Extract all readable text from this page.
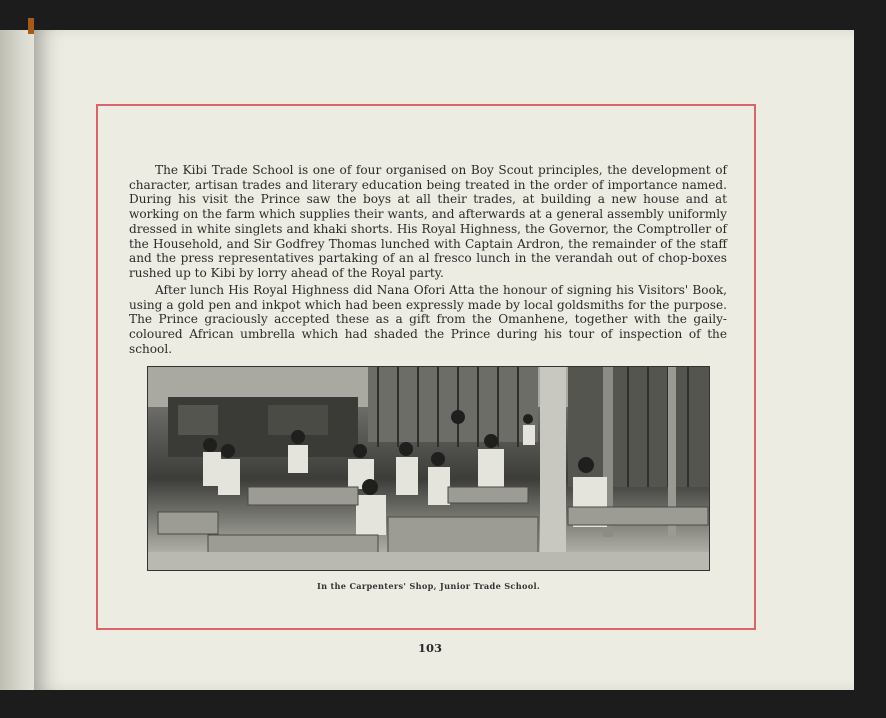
The Kibi Trade School is one of four organised on Boy Scout principles, the development of character, artisan trades and literary education being treated in the order of importance named. During his visit the Prince saw the boys at all their trades, at building a new house and at working on the farm which supplies their wants, and afterwards at a general assembly uniformly dressed in white singlets and khaki shorts. His Royal Highness, the Governor, the Comptroller of the Household, and Sir Godfrey Thomas lunched with Captain Ardron, the remainder of the staff and the press representatives partaking of an al fresco lunch in the verandah out of chop-boxes rushed up to Kibi by lorry ahead of the Royal party.

After lunch His Royal Highness did Nana Ofori Atta the honour of signing his Visitors' Book, using a gold pen and inkpot which had been expressly made by local goldsmiths for the purpose. The Prince graciously accepted these as a gift from the Omanhene, together with the gaily-coloured African umbrella which had shaded the Prince during his tour of inspection of the school.

In the Carpenters' Shop, Junior Trade School.

103
